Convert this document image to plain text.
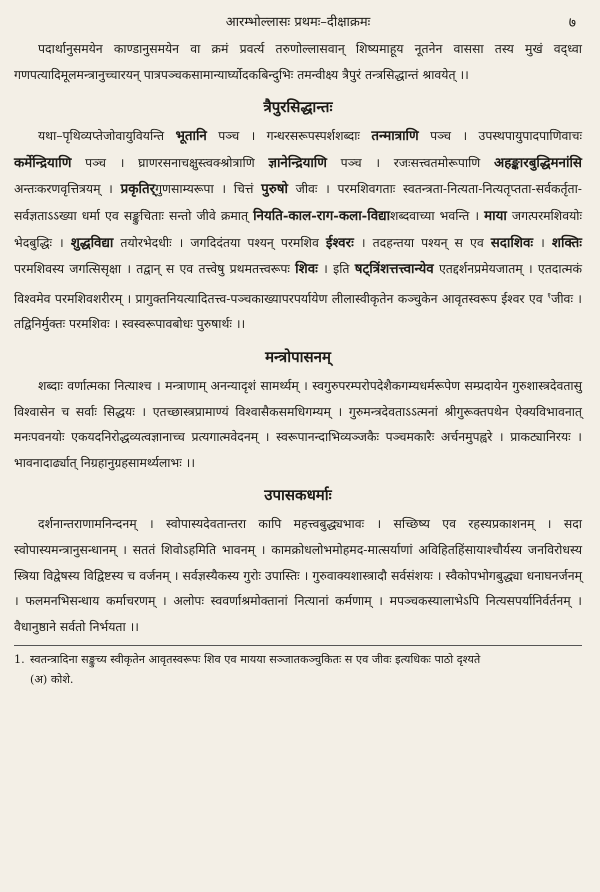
आरम्भोल्लासः प्रथमः–दीक्षाक्रमः	७

पदार्थानुसमयेन काण्डानुसमयेन वा क्रमं प्रवर्त्य तरुणोल्लासवान् शिष्यमाहूय नूतनेन वाससा तस्य मुखं वद्ध्वा गणपत्यादिमूलमन्त्रानुच्चारयन् पात्रपञ्चकसामान्यार्घ्योदकबिन्दुभिः तमन्वीक्ष्य त्रैपुरं तन्त्रसिद्धान्तं श्रावयेत् ।।

त्रैपुरसिद्धान्तः

यथा–पृथिव्यप्तेजोवायुवियन्ति भूतानि पञ्च । गन्धरसरूपस्पर्शशब्दाः तन्मात्राणि पञ्च । उपस्थपायुपादपाणिवाचः कर्मेन्द्रियाणि पञ्च । घ्राणरसनाचक्षुस्त्वक्श्रोत्राणि ज्ञानेन्द्रियाणि पञ्च । रजःसत्त्वतमोरूपाणि अहङ्कारबुद्धिमनांसि अन्तःकरणवृत्तित्रयम् । प्रकृतिर्गुणसाम्यरूपा । चित्तं पुरुषो जीवः । परमशिवगताः स्वतन्त्रता-नित्यता-नित्यतृप्तता-सर्वकर्तृता-सर्वज्ञताऽऽख्या धर्मा एव सङ्कुचिताः सन्तो जीवे क्रमात् नियति-काल-राग-कला-विद्याशब्दवाच्या भवन्ति । माया जगत्परमशिवयोः भेदबुद्धिः । शुद्धविद्या तयोरभेदधीः । जगदिदंतया पश्यन् परमशिव ईश्वरः । तदहन्तया पश्यन् स एव सदाशिवः । शक्तिः परमशिवस्य जगत्सिसृक्षा । तद्वान् स एव तत्त्वेषु प्रथमतत्त्वरूपः शिवः । इति षट्त्रिंशत्तत्त्वान्येव एतद्दर्शनप्रमेयजातम् । एतदात्मकं विश्वमेव परमशिवशरीरम् । प्रागुक्तनियत्यादितत्त्व-पञ्चकाख्यापरपर्यायेण लीलास्वीकृतेन कञ्चुकेन आवृतस्वरूप ईश्वर एव $^१$जीवः । तद्विनिर्मुक्तः परमशिवः । स्वस्वरूपावबोधः पुरुषार्थः ।।

मन्त्रोपासनम्

शब्दाः वर्णात्मका नित्याश्च । मन्त्राणाम् अनन्यादृशं सामर्थ्यम् । स्वगुरुपरम्परोपदेशैकगम्यधर्मरूपेण सम्प्रदायेन गुरुशास्त्रदेवतासु विश्वासेन च सर्वाः सिद्धयः । एतच्छास्त्रप्रामाण्यं विश्वासैकसमधिगम्यम् । गुरुमन्त्रदेवताऽऽत्मनां श्रीगुरूक्तपथेन ऐक्यविभावनात् मनःपवनयोः एकयदनिरोद्धव्यत्वज्ञानाच्च प्रत्यगात्मवेदनम् । स्वरूपानन्दाभिव्यञ्जकैः पञ्चमकारैः अर्चनमुपह्वरे । प्राकट्यानिरयः । भावनादार्ढ्यात् निग्रहानुग्रहसामर्थ्यलाभः ।।

उपासकधर्माः

दर्शनान्तराणामनिन्दनम् । स्वोपास्यदेवतान्तरा कापि महत्त्वबुद्ध्यभावः । सच्छिष्य एव रहस्यप्रकाशनम् । सदा स्वोपास्यमन्त्रानुसन्धानम् । सततं शिवोऽहमिति भावनम् । कामक्रोधलोभमोहमद-मात्सर्याणां अविहितहिंसायाश्चौर्यस्य जनविरोधस्य स्त्रिया विद्वेषस्य विद्विष्टस्य च वर्जनम् । सर्वज्ञस्यैकस्य गुरोः उपास्तिः । गुरुवाक्यशास्त्रादौ सर्वसंशयः । स्वैकोपभोगबुद्ध्या धनाघनर्जनम् । फलमनभिसन्धाय कर्माचरणम् । अलोपः स्ववर्णाश्रमोक्तानां नित्यानां कर्मणाम् । मपञ्चकस्यालाभेऽपि नित्यसपर्यानिर्वर्तनम् । वैधानुष्ठाने सर्वतो निर्भयता ।।

1. स्वतन्त्रादिना सङ्कुच्य स्वीकृतेन आवृतस्वरूपः शिव एव मायया सञ्जातकञ्चुकितः स एव जीवः इत्यधिकः पाठो दृश्यते
(अ) कोशे.
